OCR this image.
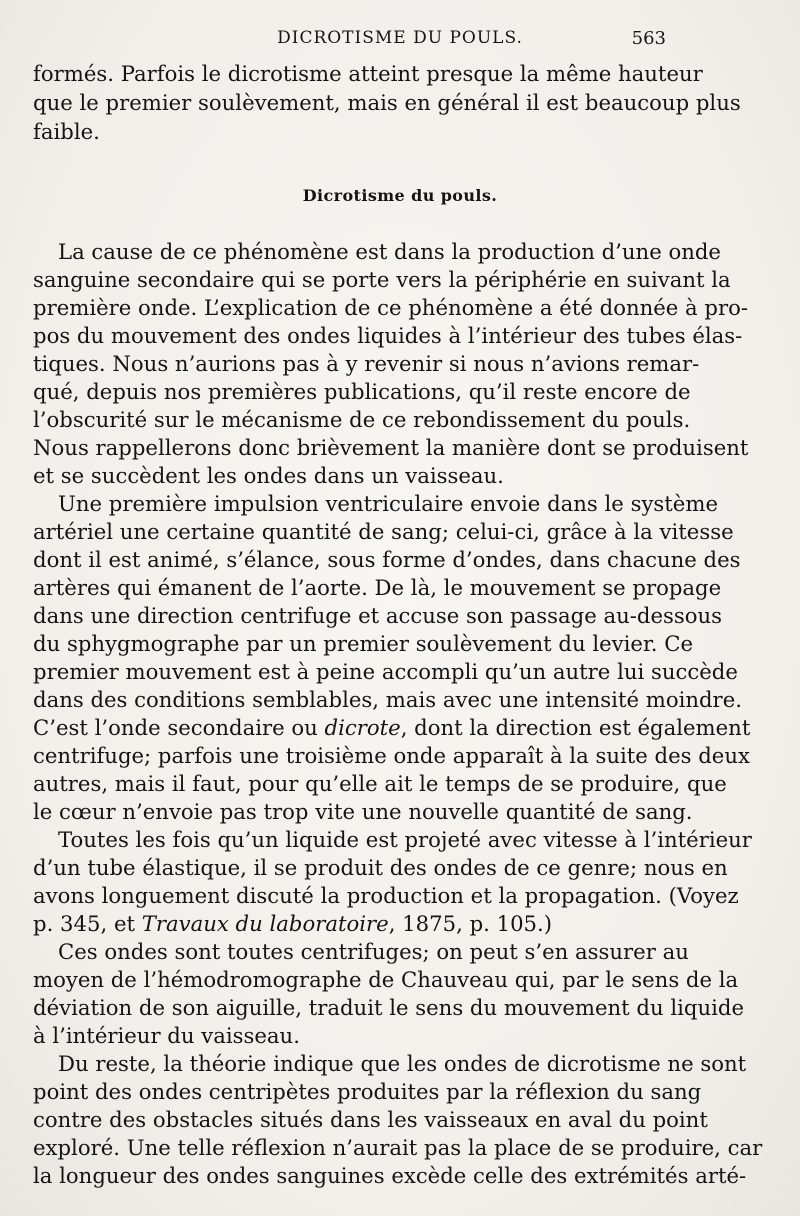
DICROTISME DU POULS.	563
Dicrotisme du pouls.
formés. Parfois le dicrotisme atteint presque la même hauteur
que le premier soulèvement, mais en général il est beaucoup plus
faible.
La cause de ce phénomène est dans la production d’une onde
sanguine secondaire qui se porte vers la périphérie en suivant la
première onde. L’explication de ce phénomène a été donnée à pro-
pos du mouvement des ondes liquides à l’intérieur des tubes élas-
tiques. Nous n’aurions pas à y revenir si nous n’avions remar-
qué, depuis nos premières publications, qu’il reste encore de
l’obscurité sur le mécanisme de ce rebondissement du pouls.
Nous rappellerons donc brièvement la manière dont se produisent
et se succèdent les ondes dans un vaisseau.
Une première impulsion ventriculaire envoie dans le système
artériel une certaine quantité de sang; celui-ci, grâce à la vitesse
dont il est animé, s’élance, sous forme d’ondes, dans chacune des
artères qui émanent de l’aorte. De là, le mouvement se propage
dans une direction centrifuge et accuse son passage au-dessous
du sphygmographe par un premier soulèvement du levier. Ce
premier mouvement est à peine accompli qu’un autre lui succède
dans des conditions semblables, mais avec une intensité moindre.
C’est l’onde secondaire ou dicrote, dont la direction est également
centrifuge; parfois une troisième onde apparaît à la suite des deux
autres, mais il faut, pour qu’elle ait le temps de se produire, que
le cœur n’envoie pas trop vite une nouvelle quantité de sang.
Toutes les fois qu’un liquide est projeté avec vitesse à l’intérieur
d’un tube élastique, il se produit des ondes de ce genre; nous en
avons longuement discuté la production et la propagation. (Voyez
p. 345, et Travaux du laboratoire, 1875, p. 105.)
Ces ondes sont toutes centrifuges; on peut s’en assurer au
moyen de l’hémodromographe de Chauveau qui, par le sens de la
déviation de son aiguille, traduit le sens du mouvement du liquide
à l’intérieur du vaisseau.
Du reste, la théorie indique que les ondes de dicrotisme ne sont
point des ondes centripètes produites par la réflexion du sang
contre des obstacles situés dans les vaisseaux en aval du point
exploré. Une telle réflexion n’aurait pas la place de se produire, car
la longueur des ondes sanguines excède celle des extrémités arté-
